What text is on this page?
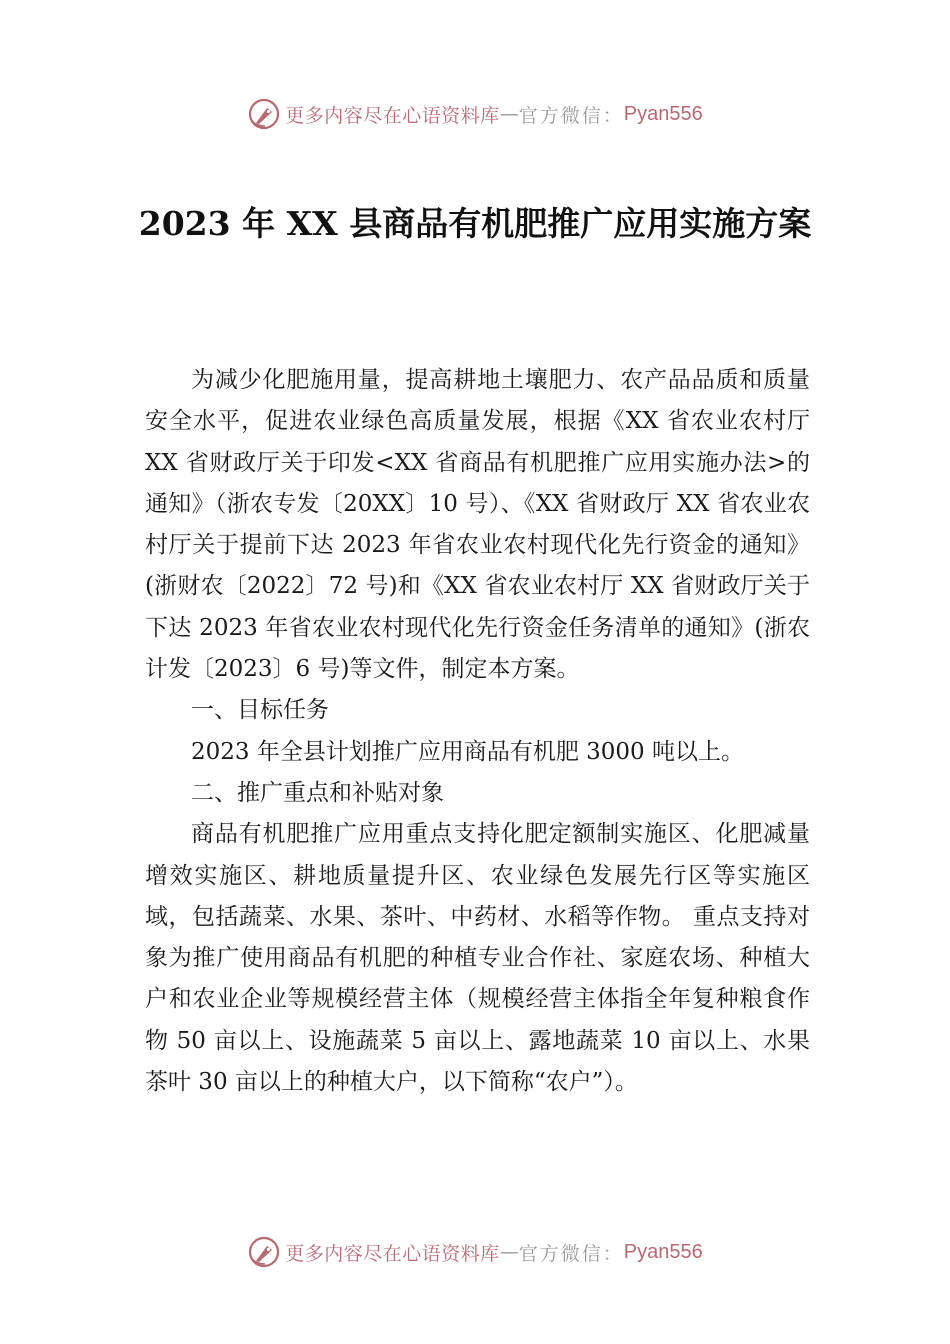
更多内容尽在心语资料库 — 官方微信： Pyan556
2023 年 XX 县商品有机肥推广应用实施方案

为减少化肥施用量，提高耕地土壤肥力、农产品品质和质量安全水平，促进农业绿色高质量发展，根据《XX 省农业农村厅 XX 省财政厅关于印发<XX 省商品有机肥推广应用实施办法>的通知》（浙农专发〔20XX〕10 号）、《XX 省财政厅 XX 省农业农村厅关于提前下达 2023 年省农业农村现代化先行资金的通知》(浙财农〔2022〕72 号)和《XX 省农业农村厅 XX 省财政厅关于下达 2023 年省农业农村现代化先行资金任务清单的通知》(浙农计发〔2023〕6 号)等文件，制定本方案。

一、目标任务

2023 年全县计划推广应用商品有机肥 3000 吨以上。

二、推广重点和补贴对象

商品有机肥推广应用重点支持化肥定额制实施区、化肥减量增效实施区、耕地质量提升区、农业绿色发展先行区等实施区域，包括蔬菜、水果、茶叶、中药材、水稻等作物。 重点支持对象为推广使用商品有机肥的种植专业合作社、家庭农场、种植大户和农业企业等规模经营主体（规模经营主体指全年复种粮食作物 50 亩以上、设施蔬菜 5 亩以上、露地蔬菜 10 亩以上、水果茶叶 30 亩以上的种植大户，以下简称“农户”）。

更多内容尽在心语资料库 — 官方微信： Pyan556
